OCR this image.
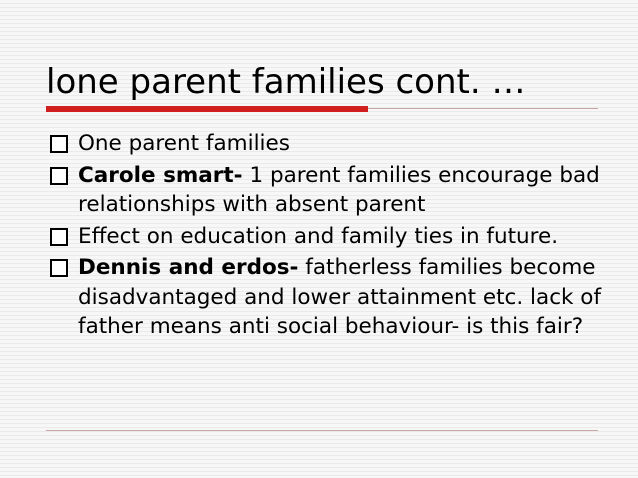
lone parent families cont. …
One parent families
Carole smart- 1 parent families encourage bad relationships with absent parent
Effect on education and family ties in future.
Dennis and erdos- fatherless families become disadvantaged and lower attainment etc. lack of father means anti social behaviour- is this fair?
